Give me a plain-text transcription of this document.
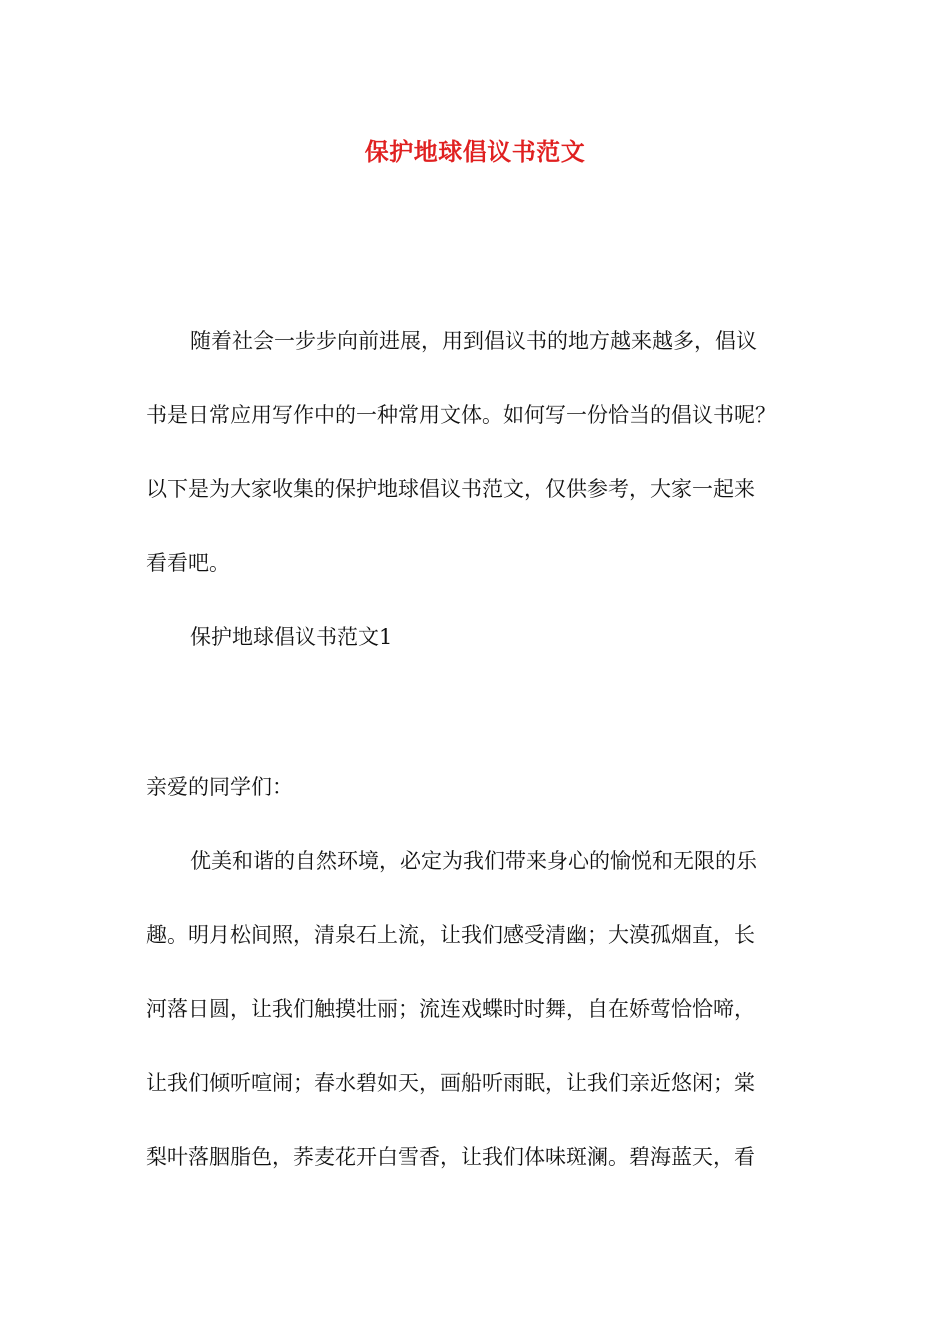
保护地球倡议书范文
随着社会一步步向前进展，用到倡议书的地方越来越多，倡议
书是日常应用写作中的一种常用文体。如何写一份恰当的倡议书呢？
以下是为大家收集的保护地球倡议书范文，仅供参考，大家一起来
看看吧。
保护地球倡议书范文1
亲爱的同学们：
优美和谐的自然环境，必定为我们带来身心的愉悦和无限的乐
趣。明月松间照，清泉石上流，让我们感受清幽；大漠孤烟直，长
河落日圆，让我们触摸壮丽；流连戏蝶时时舞，自在娇莺恰恰啼，
让我们倾听喧闹；春水碧如天，画船听雨眠，让我们亲近悠闲；棠
梨叶落胭脂色，荞麦花开白雪香，让我们体味斑澜。碧海蓝天，看
